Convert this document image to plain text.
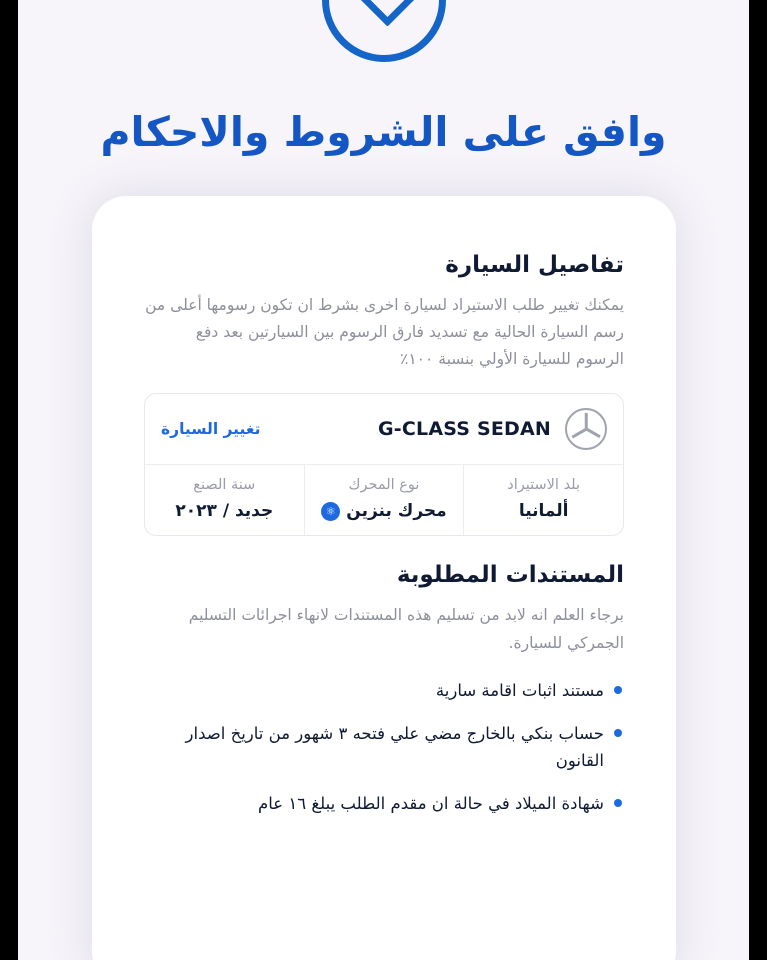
وافق على الشروط والاحكام
تفاصيل السيارة

يمكنك تغيير طلب الاستيراد لسيارة اخرى بشرط ان تكون رسومها أعلى من رسم السيارة الحالية مع تسديد فارق الرسوم بين السيارتين بعد دفع الرسوم للسيارة الأولي بنسبة ١٠٠٪

G-CLASS SEDAN
تغيير السيارة
بلد الاستيراد
ألمانيا
نوع المحرك
محرك بنزين
⚛
سنة الصنع
جديد / ٢٠٢٣
المستندات المطلوبة

برجاء العلم انه لابد من تسليم هذه المستندات لانهاء اجرائات التسليم الجمركي للسيارة.

مستند اثبات اقامة سارية
حساب بنكي بالخارج مضي علي فتحه ٣ شهور من تاريخ اصدار القانون
شهادة الميلاد في حالة ان مقدم الطلب يبلغ ١٦ عام
